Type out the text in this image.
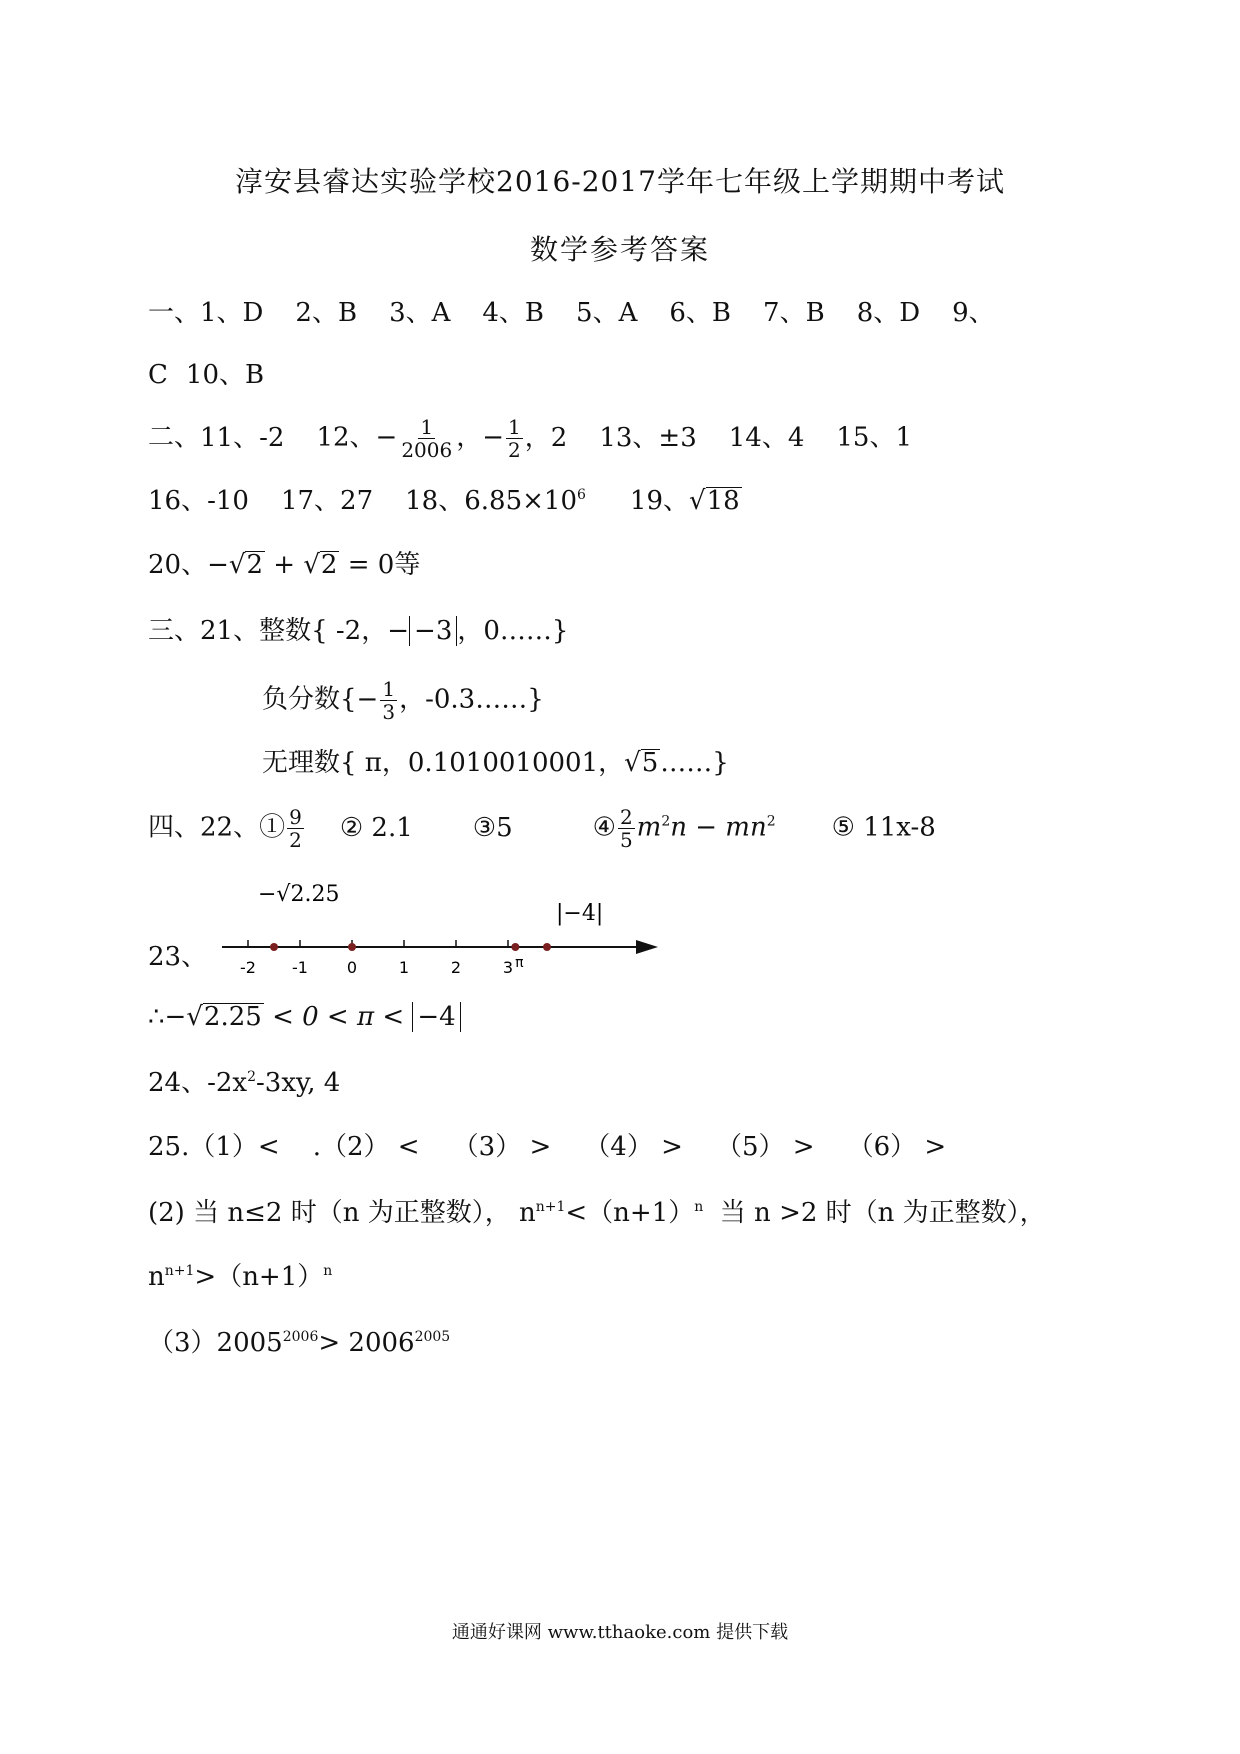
淳安县睿达实验学校2016-2017学年七年级上学期期中考试
数学参考答案
一、1、D 2、B 3、A 4、B 5、A 6、B 7、B 8、D 9、
C 10、B
二、11、-2 12、− $\frac{1}{2006}$ ，− $\frac{1}{2}$ ，2 13、±3 14、4 15、1
16、-10 17、27 18、$6.85\times 10^6$ 19、√18
20、−√2 + √2 = 0等
三、21、整数{ -2，− −3 ，0……}
负分数{− $\frac{1}{3}$ ，-0.3……}
无理数{ π，0.1010010001，√5……}
四、22、① $\frac{9}{2}$ ② 2.1 ③5	④ $\frac{2}{5} m^2n - mn^2$ ⑤ 11x-8
23、
−√2.25
|−4|
-2 -1 0	1	2	3 π
∴−√2.25 < 0 < π < −4
24、$-2x^2-3xy$, 4
25.（1）<    .（2） <    （3） >    （4） >    （5） >    （6） >
(2) 当 n≤2 时（n 为正整数）， $n^{n+1}<(n+1)^n$  当 n >2 时（n 为正整数），
$n^{n+1}>(n+1)^n$
$(3)2005^{2006}> 2006^{2005}$
通通好课网 www.tthaoke.com 提供下载
